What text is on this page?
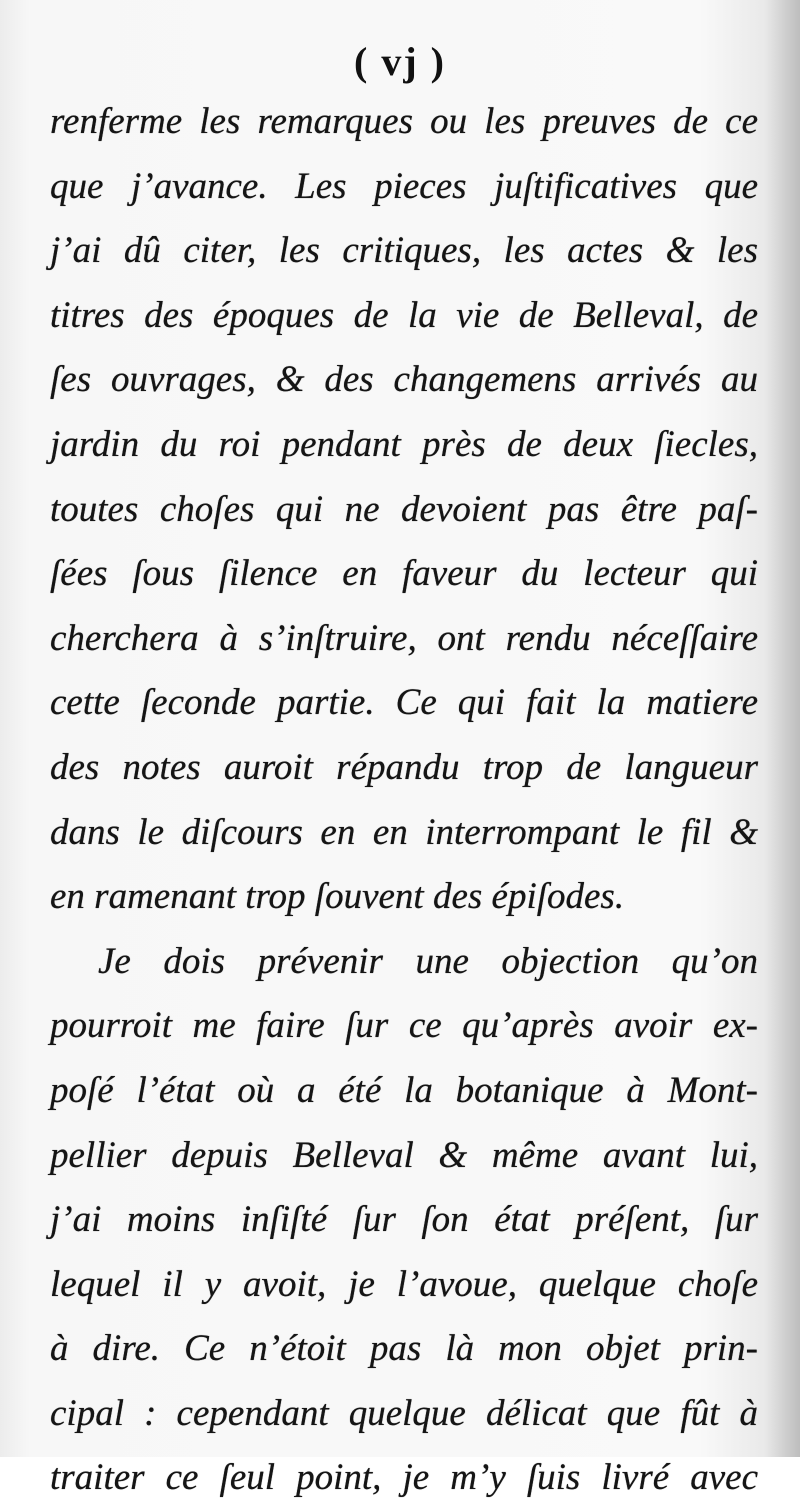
( vj )
renferme les remarques ou les preuves de ce
que j’avance. Les pieces juſtificatives que
j’ai dû citer, les critiques, les actes & les
titres des époques de la vie de Belleval, de
ſes ouvrages, & des changemens arrivés au
jardin du roi pendant près de deux ſiecles,
toutes choſes qui ne devoient pas être paſ-
ſées ſous ſilence en faveur du lecteur qui
cherchera à s’inſtruire, ont rendu néceſſaire
cette ſeconde partie. Ce qui fait la matiere
des notes auroit répandu trop de langueur
dans le diſcours en en interrompant le fil &
en ramenant trop ſouvent des épiſodes.
Je dois prévenir une objection qu’on
pourroit me faire ſur ce qu’après avoir ex-
poſé l’état où a été la botanique à Mont-
pellier depuis Belleval & même avant lui,
j’ai moins inſiſté ſur ſon état préſent, ſur
lequel il y avoit, je l’avoue, quelque choſe
à dire. Ce n’étoit pas là mon objet prin-
cipal : cependant quelque délicat que fût à
traiter ce ſeul point, je m’y ſuis livré avec
